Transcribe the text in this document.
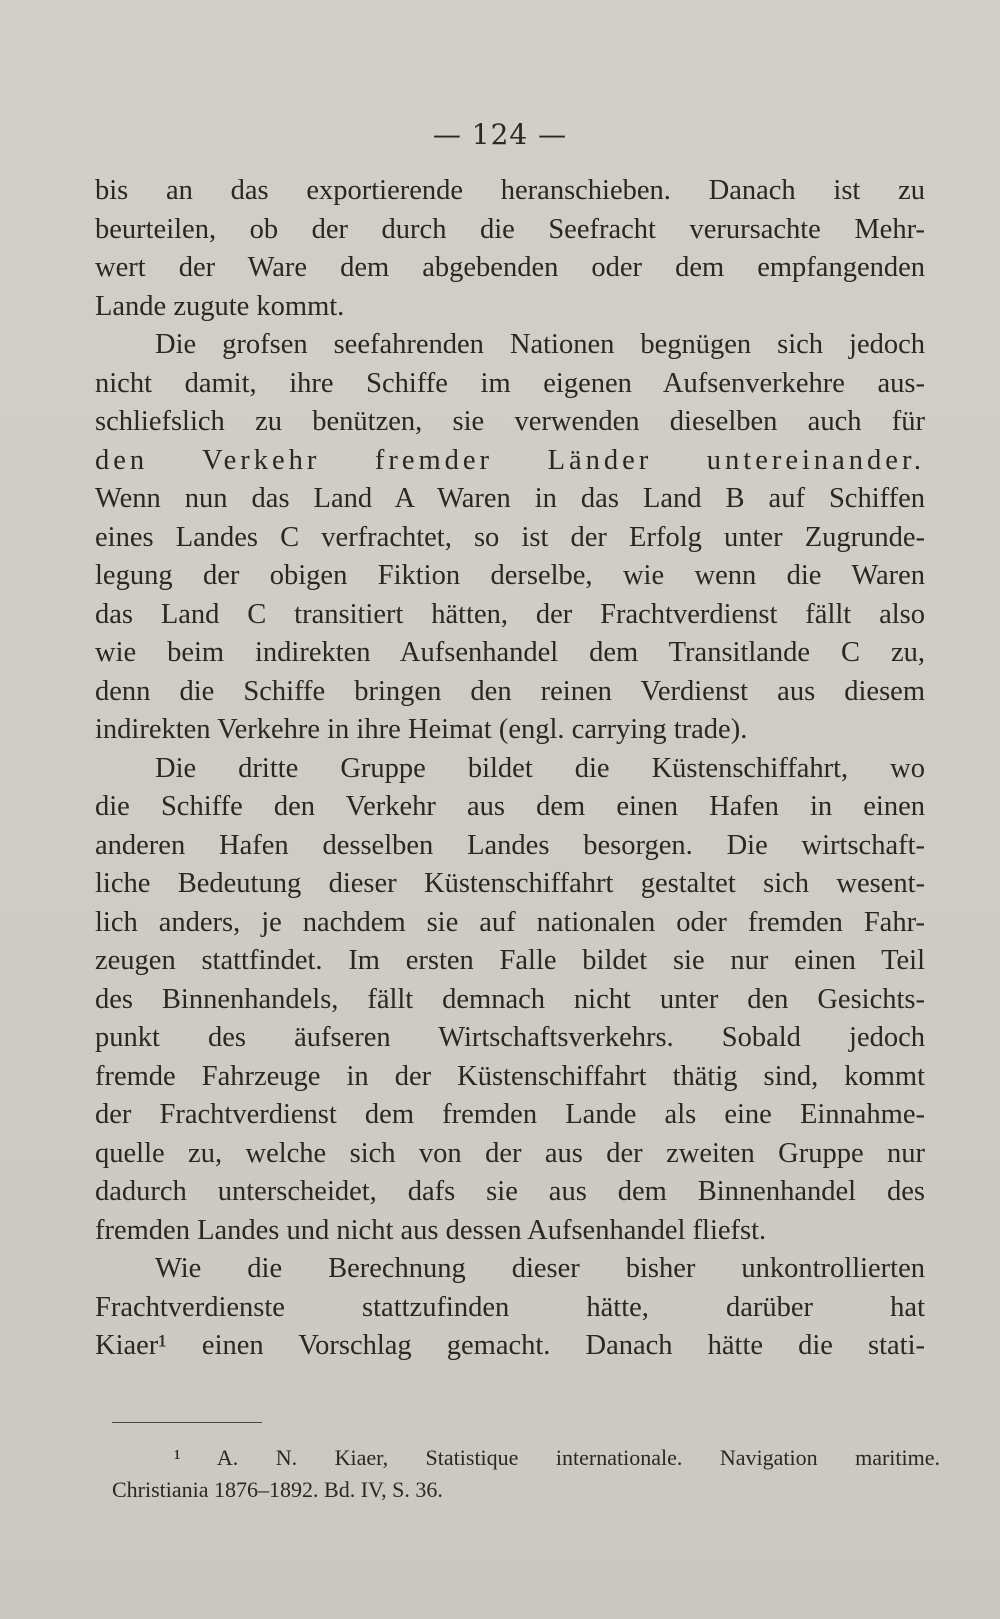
— 124 —
bis an das exportierende heranschieben. Danach ist zu
beurteilen, ob der durch die Seefracht verursachte Mehr-
wert der Ware dem abgebenden oder dem empfangenden
Lande zugute kommt.
Die grofsen seefahrenden Nationen begnügen sich jedoch
nicht damit, ihre Schiffe im eigenen Aufsenverkehre aus-
schliefslich zu benützen, sie verwenden dieselben auch für
den Verkehr fremder Länder untereinander.
Wenn nun das Land A Waren in das Land B auf Schiffen
eines Landes C verfrachtet, so ist der Erfolg unter Zugrunde-
legung der obigen Fiktion derselbe, wie wenn die Waren
das Land C transitiert hätten, der Frachtverdienst fällt also
wie beim indirekten Aufsenhandel dem Transitlande C zu,
denn die Schiffe bringen den reinen Verdienst aus diesem
indirekten Verkehre in ihre Heimat (engl. carrying trade).
Die dritte Gruppe bildet die Küstenschiffahrt, wo
die Schiffe den Verkehr aus dem einen Hafen in einen
anderen Hafen desselben Landes besorgen. Die wirtschaft-
liche Bedeutung dieser Küstenschiffahrt gestaltet sich wesent-
lich anders, je nachdem sie auf nationalen oder fremden Fahr-
zeugen stattfindet. Im ersten Falle bildet sie nur einen Teil
des Binnenhandels, fällt demnach nicht unter den Gesichts-
punkt des äufseren Wirtschaftsverkehrs. Sobald jedoch
fremde Fahrzeuge in der Küstenschiffahrt thätig sind, kommt
der Frachtverdienst dem fremden Lande als eine Einnahme-
quelle zu, welche sich von der aus der zweiten Gruppe nur
dadurch unterscheidet, dafs sie aus dem Binnenhandel des
fremden Landes und nicht aus dessen Aufsenhandel fliefst.
Wie die Berechnung dieser bisher unkontrollierten
Frachtverdienste stattzufinden hätte, darüber hat
Kiaer¹ einen Vorschlag gemacht. Danach hätte die stati-
¹ A. N. Kiaer, Statistique internationale. Navigation maritime.
Christiania 1876–1892. Bd. IV, S. 36.
